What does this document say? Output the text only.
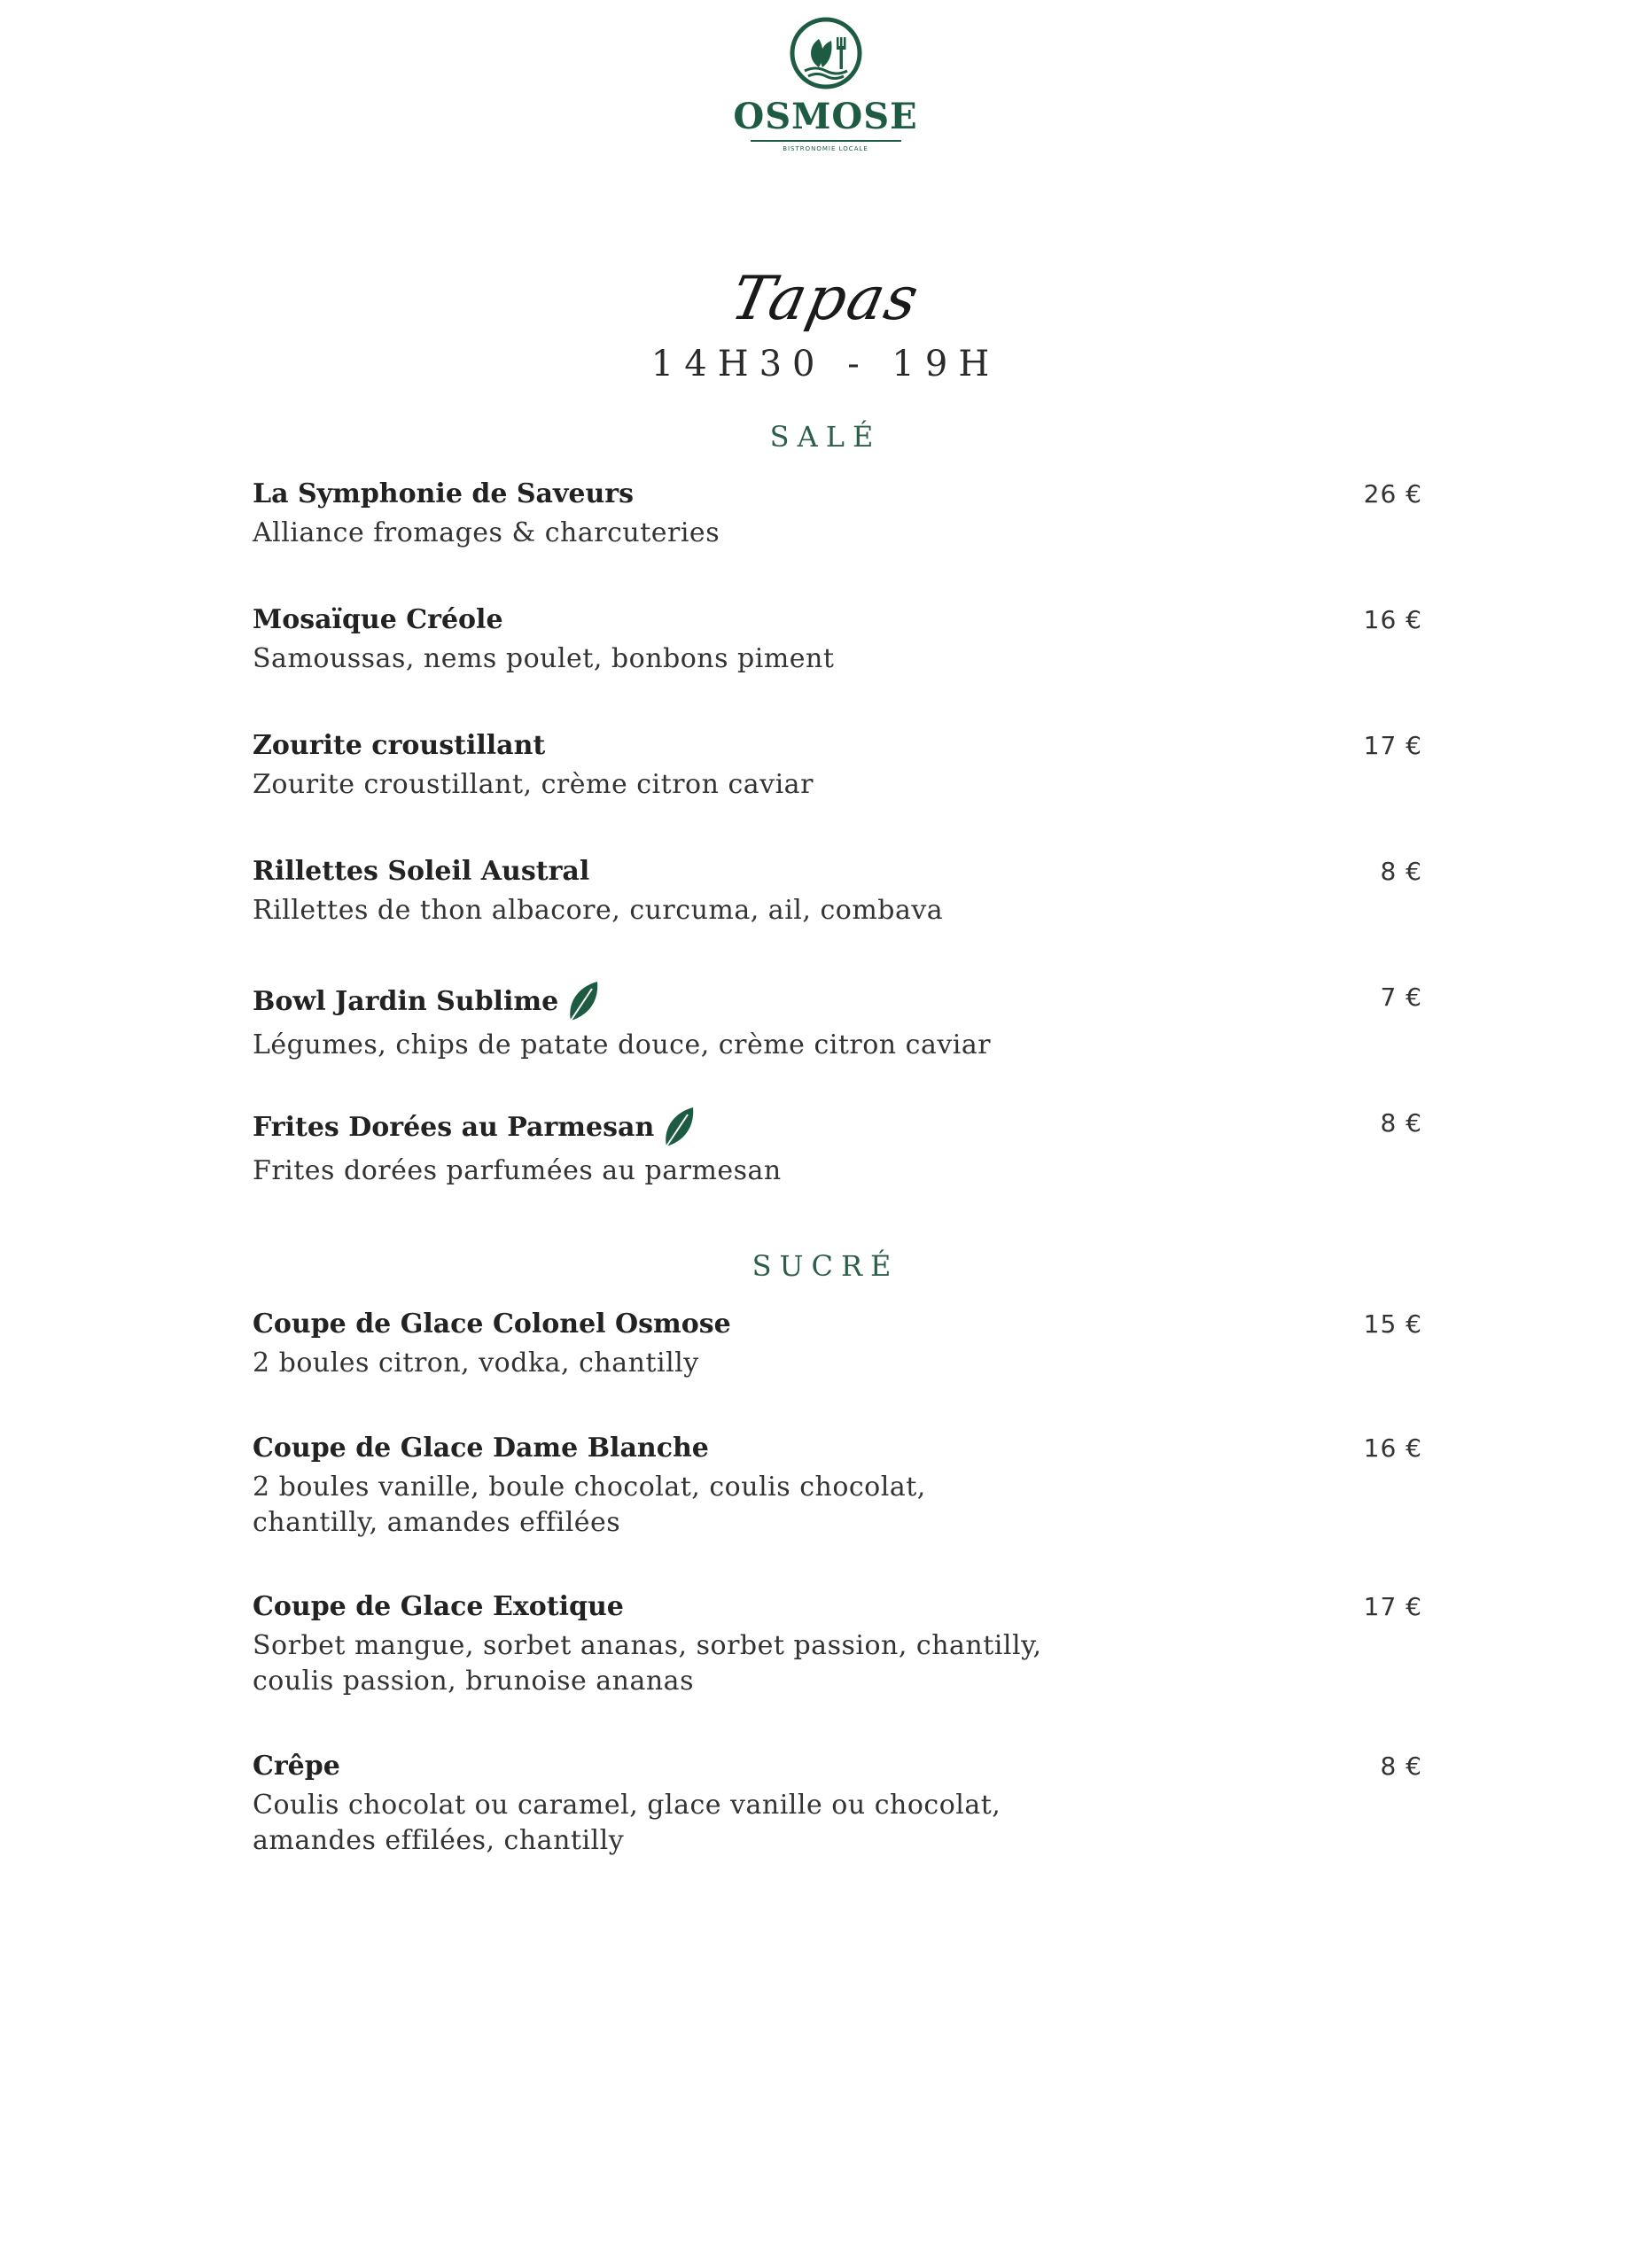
OSMOSE
BISTRONOMIE LOCALE
Tapas
14H30 - 19H
SALÉ
La Symphonie de Saveurs
Alliance fromages & charcuteries
26 €
Mosaïque Créole
Samoussas, nems poulet, bonbons piment
16 €
Zourite croustillant
Zourite croustillant, crème citron caviar
17 €
Rillettes Soleil Austral
Rillettes de thon albacore, curcuma, ail, combava
8 €
Bowl Jardin Sublime
Légumes, chips de patate douce, crème citron caviar
7 €
Frites Dorées au Parmesan
Frites dorées parfumées au parmesan
8 €
SUCRÉ
Coupe de Glace Colonel Osmose
2 boules citron, vodka, chantilly
15 €
Coupe de Glace Dame Blanche
2 boules vanille, boule chocolat, coulis chocolat, chantilly, amandes effilées
16 €
Coupe de Glace Exotique
Sorbet mangue, sorbet ananas, sorbet passion, chantilly, coulis passion, brunoise ananas
17 €
Crêpe
Coulis chocolat ou caramel, glace vanille ou chocolat, amandes effilées, chantilly
8 €
